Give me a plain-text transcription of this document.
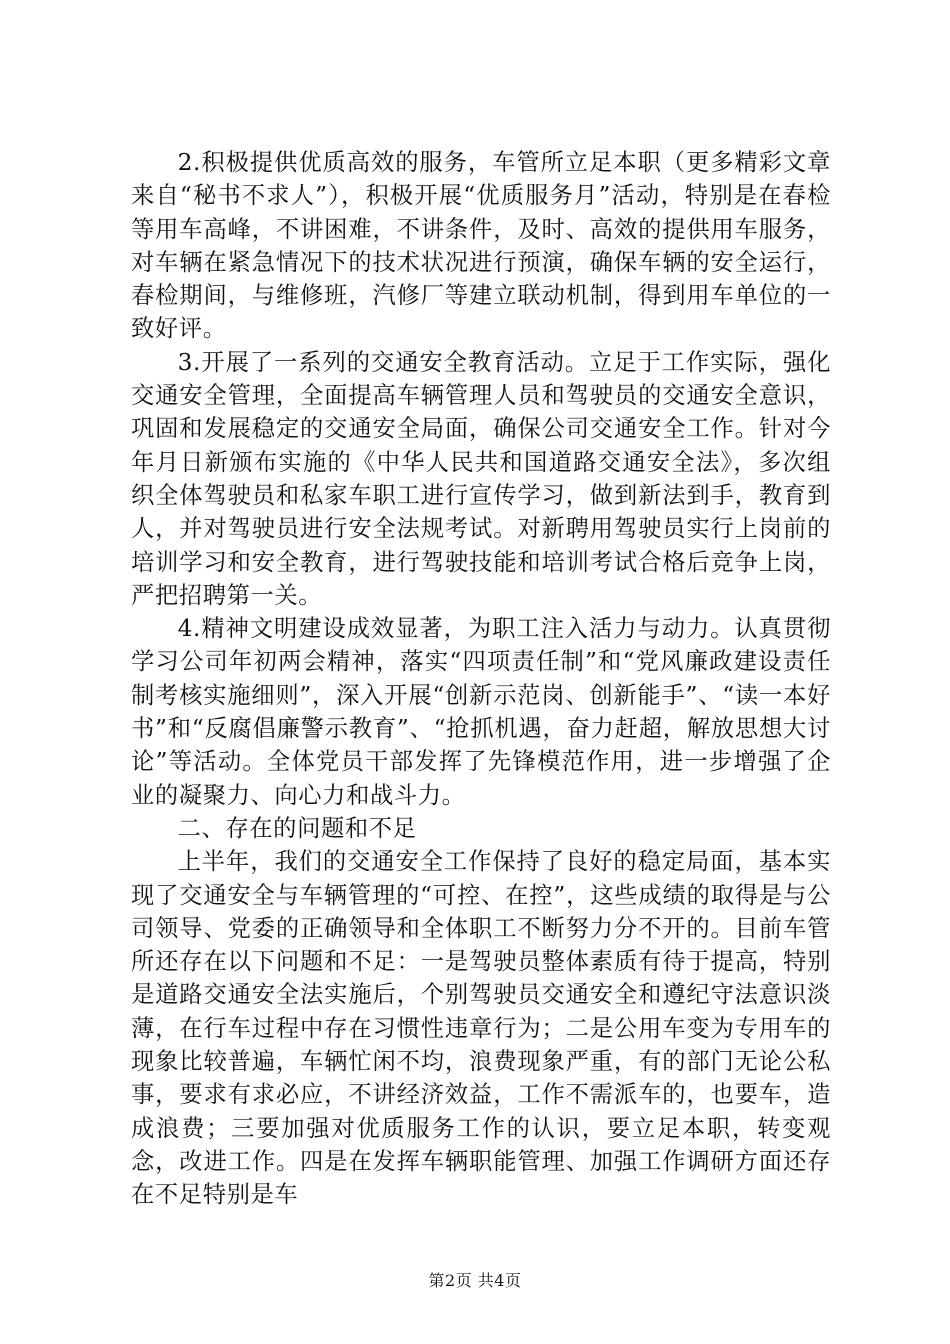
2.积极提供优质高效的服务，车管所立足本职（更多精彩文章来自“秘书不求人”），积极开展“优质服务月”活动，特别是在春检等用车高峰，不讲困难，不讲条件，及时、高效的提供用车服务，对车辆在紧急情况下的技术状况进行预演，确保车辆的安全运行，春检期间，与维修班，汽修厂等建立联动机制，得到用车单位的一致好评。

3.开展了一系列的交通安全教育活动。立足于工作实际，强化交通安全管理，全面提高车辆管理人员和驾驶员的交通安全意识，巩固和发展稳定的交通安全局面，确保公司交通安全工作。针对今年月日新颁布实施的《中华人民共和国道路交通安全法》，多次组织全体驾驶员和私家车职工进行宣传学习，做到新法到手，教育到人，并对驾驶员进行安全法规考试。对新聘用驾驶员实行上岗前的培训学习和安全教育，进行驾驶技能和培训考试合格后竞争上岗，严把招聘第一关。

4.精神文明建设成效显著，为职工注入活力与动力。认真贯彻学习公司年初两会精神，落实“四项责任制”和“党风廉政建设责任制考核实施细则”，深入开展“创新示范岗、创新能手”、“读一本好书”和“反腐倡廉警示教育”、“抢抓机遇，奋力赶超，解放思想大讨论”等活动。全体党员干部发挥了先锋模范作用，进一步增强了企业的凝聚力、向心力和战斗力。

二、存在的问题和不足

上半年，我们的交通安全工作保持了良好的稳定局面，基本实现了交通安全与车辆管理的“可控、在控”，这些成绩的取得是与公司领导、党委的正确领导和全体职工不断努力分不开的。目前车管所还存在以下问题和不足：一是驾驶员整体素质有待于提高，特别是道路交通安全法实施后，个别驾驶员交通安全和遵纪守法意识淡薄，在行车过程中存在习惯性违章行为；二是公用车变为专用车的现象比较普遍，车辆忙闲不均，浪费现象严重，有的部门无论公私事，要求有求必应，不讲经济效益，工作不需派车的，也要车，造成浪费；三要加强对优质服务工作的认识，要立足本职，转变观念，改进工作。四是在发挥车辆职能管理、加强工作调研方面还存在不足特别是车

第2页 共4页
